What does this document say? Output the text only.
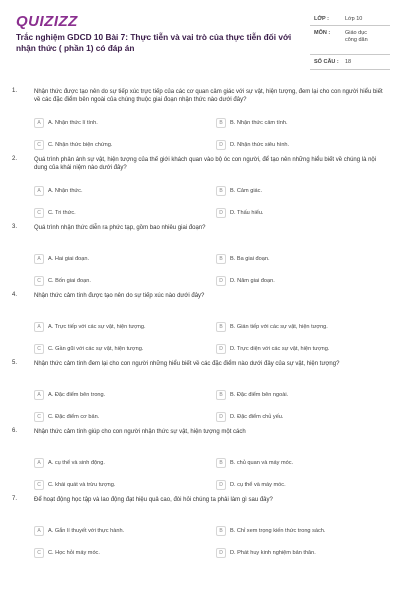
QUIZIZZ
Trắc nghiệm GDCD 10 Bài 7: Thực tiễn và vai trò của thực tiễn đối với nhận thức ( phần 1) có đáp án
LỚP :	Lớp 10
MÔN :	Giáo dục
công dân
SỐ CÂU : 18
1.	Nhận thức được tạo nên do sự tiếp xúc trực tiếp của các cơ quan cảm giác với sự vật, hiện tượng, đem lại cho con người hiểu biết về các đặc điểm bên ngoài của chúng thuộc giai đoạn nhận thức nào dưới đây?
A	A. Nhận thức lí tính.	B	B. Nhận thức cảm tính.
C	C. Nhận thức biện chứng.	D	D. Nhận thức siêu hình.
2.	Quá trình phản ánh sự vật, hiện tượng của thế giới khách quan vào bộ óc con người, để tạo nên những hiểu biết về chúng là nội dung của khái niệm nào dưới đây?
A	A. Nhận thức.	B	B. Cảm giác.
C	C. Tri thức.	D	D. Thấu hiểu.
3.	Quá trình nhận thức diễn ra phức tạp, gồm bao nhiêu giai đoạn?
A	A. Hai giai đoạn.	B	B. Ba giai đoạn.
C	C. Bốn giai đoạn.	D	D. Năm giai đoạn.
4.	Nhận thức cảm tính được tạo nên do sự tiếp xúc nào dưới đây?
A	A. Trực tiếp với các sự vật, hiện tượng.	B	B. Gián tiếp với các sự vật, hiện tượng.
C	C. Gần gũi với các sự vật, hiện tượng.	D	D. Trực diện với các sự vật, hiện tượng.
5.	Nhận thức cảm tính đem lại cho con người những hiểu biết về các đặc điểm nào dưới đây của sự vật, hiện tượng?
A	A. Đặc điểm bên trong.	B	B. Đặc điểm bên ngoài.
C	C. Đặc điểm cơ bản.	D	D. Đặc điểm chủ yếu.
6.	Nhận thức cảm tính giúp cho con người nhận thức sự vật, hiện tượng một cách
A	A. cụ thể và sinh động.	B	B. chủ quan và máy móc.
C	C. khái quát và trừu tượng.	D	D. cụ thể và máy móc.
7.	Để hoạt động học tập và lao động đạt hiệu quả cao, đòi hỏi chúng ta phải làm gì sau đây?
A	A. Gắn lí thuyết với thực hành.	B	B. Chỉ xem trọng kiến thức trong sách.
C	C. Học hỏi máy móc.	D	D. Phát huy kinh nghiệm bản thân.
